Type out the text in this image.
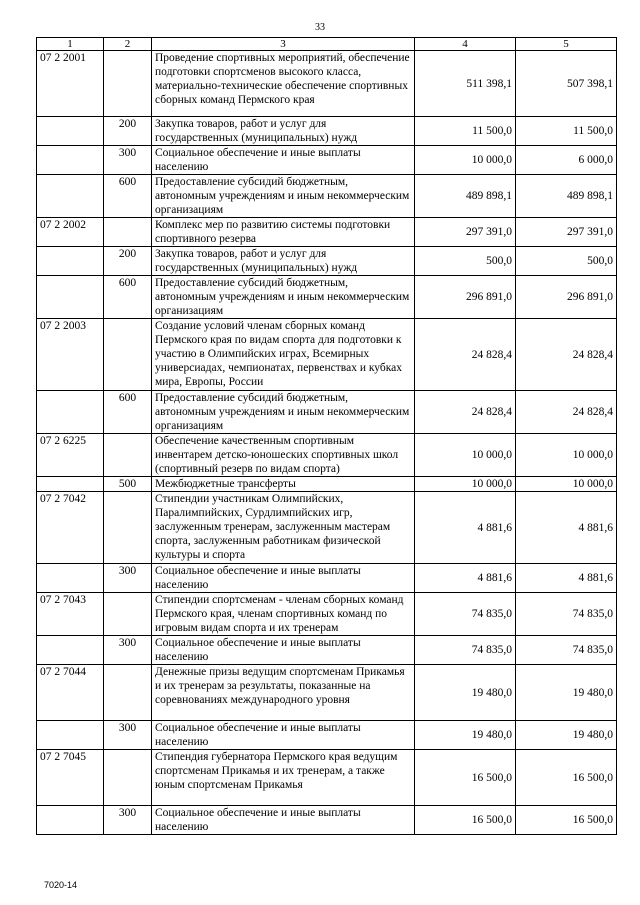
33
1	2	3	4	5
07 2 2001		Проведение спортивных мероприятий, обеспечение подготовки спортсменов высокого класса, материально-технические обеспечение спортивных сборных команд Пермского края	511 398,1	507 398,1
	200	Закупка товаров, работ и услуг для государственных (муниципальных) нужд	11 500,0	11 500,0
	300	Социальное обеспечение и иные выплаты населению	10 000,0	6 000,0
	600	Предоставление субсидий бюджетным, автономным учреждениям и иным некоммерческим организациям	489 898,1	489 898,1
07 2 2002		Комплекс мер по развитию системы подготовки спортивного резерва	297 391,0	297 391,0
	200	Закупка товаров, работ и услуг для государственных (муниципальных) нужд	500,0	500,0
	600	Предоставление субсидий бюджетным, автономным учреждениям и иным некоммерческим организациям	296 891,0	296 891,0
07 2 2003		Создание условий членам сборных команд Пермского края по видам спорта для подготовки к участию в Олимпийских играх, Всемирных универсиадах, чемпионатах, первенствах и кубках мира, Европы, России	24 828,4	24 828,4
	600	Предоставление субсидий бюджетным, автономным учреждениям и иным некоммерческим организациям	24 828,4	24 828,4
07 2 6225		Обеспечение качественным спортивным инвентарем детско-юношеских спортивных школ (спортивный резерв по видам спорта)	10 000,0	10 000,0
	500	Межбюджетные трансферты	10 000,0	10 000,0
07 2 7042		Стипендии участникам Олимпийских, Паралимпийских, Сурдлимпийских игр, заслуженным тренерам, заслуженным мастерам спорта, заслуженным работникам физической культуры и спорта	4 881,6	4 881,6
	300	Социальное обеспечение и иные выплаты населению	4 881,6	4 881,6
07 2 7043		Стипендии спортсменам - членам сборных команд Пермского края, членам спортивных команд по игровым видам спорта и их тренерам	74 835,0	74 835,0
	300	Социальное обеспечение и иные выплаты населению	74 835,0	74 835,0
07 2 7044		Денежные призы ведущим спортсменам Прикамья и их тренерам за результаты, показанные на соревнованиях международного уровня	19 480,0	19 480,0
	300	Социальное обеспечение и иные выплаты населению	19 480,0	19 480,0
07 2 7045		Стипендия губернатора Пермского края ведущим спортсменам Прикамья и их тренерам, а также юным спортсменам Прикамья	16 500,0	16 500,0
	300	Социальное обеспечение и иные выплаты населению	16 500,0	16 500,0
7020-14
